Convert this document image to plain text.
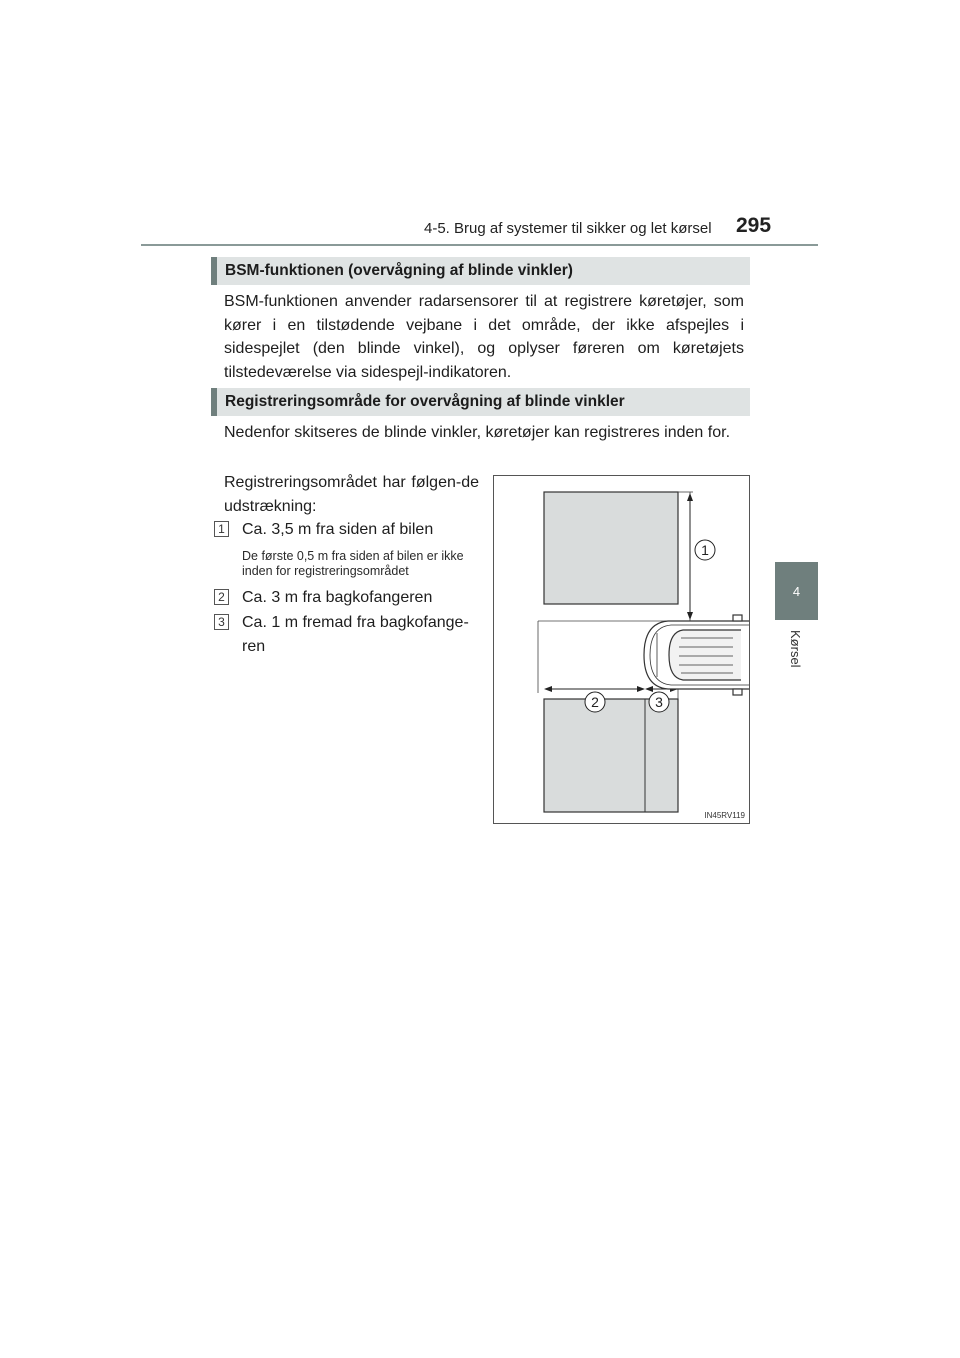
4-5. Brug af systemer til sikker og let kørsel 295
4
Kørsel
BSM-funktionen (overvågning af blinde vinkler)
BSM-funktionen anvender radarsensorer til at registrere køretøjer, som kører i en tilstødende vejbane i det område, der ikke afspejles i sidespejlet (den blinde vinkel), og oplyser føreren om køretøjets tilstedeværelse via sidespejl-indikatoren.
Registreringsområde for overvågning af blinde vinkler
Nedenfor skitseres de blinde vinkler, køretøjer kan registreres inden for.
Registreringsområdet har følgen-de udstrækning:
1 Ca. 3,5 m fra siden af bilen
De første 0,5 m fra siden af bilen er ikke inden for registreringsområdet
2 Ca. 3 m fra bagkofangeren
3 Ca. 1 m fremad fra bagkofange-ren
1
2	3
IN45RV119
